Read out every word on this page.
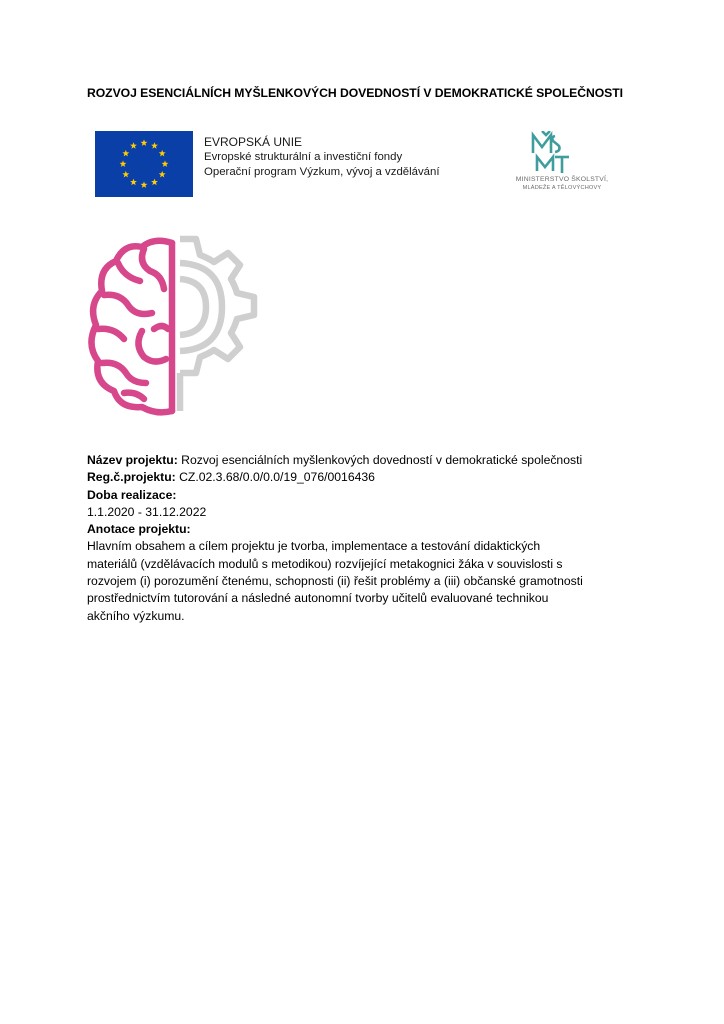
ROZVOJ ESENCIÁLNÍCH MYŠLENKOVÝCH DOVEDNOSTÍ V DEMOKRATICKÉ SPOLEČNOSTI
EVROPSKÁ UNIE
Evropské strukturální a investiční fondy
Operační program Výzkum, vývoj a vzdělávání
MINISTERSTVO ŠKOLSTVÍ,
MLÁDEŽE A TĚLOVÝCHOVY

Název projektu: Rozvoj esenciálních myšlenkových dovedností v demokratické společnosti

Reg.č.projektu: CZ.02.3.68/0.0/0.0/19_076/0016436

Doba realizace:

1.1.2020 - 31.12.2022

Anotace projektu:

Hlavním obsahem a cílem projektu je tvorba, implementace a testování didaktických

materiálů (vzdělávacích modulů s metodikou) rozvíjející metakognici žáka v souvislosti s

rozvojem (i) porozumění čtenému, schopnosti (ii) řešit problémy a (iii) občanské gramotnosti

prostřednictvím tutorování a následné autonomní tvorby učitelů evaluované technikou

akčního výzkumu.
